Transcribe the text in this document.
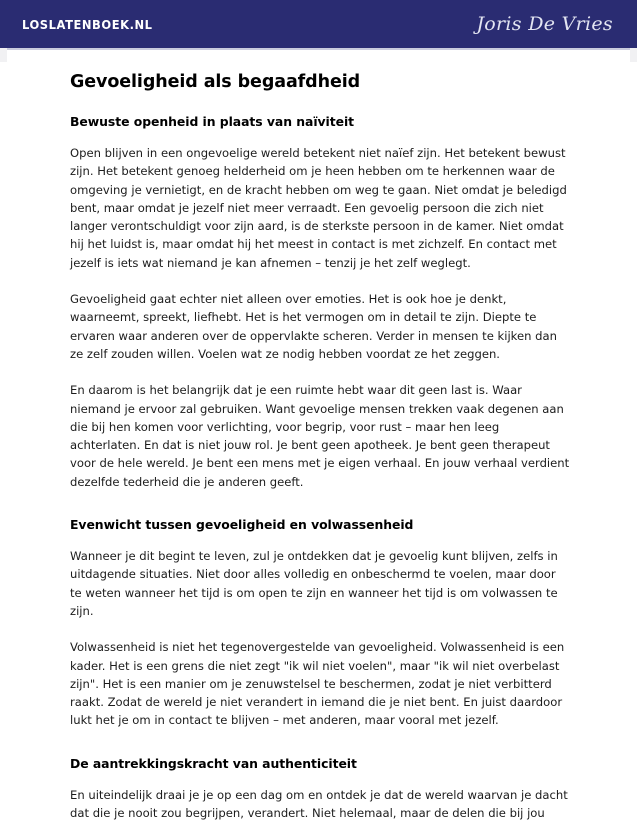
LOSLATENBOEK.NL	Joris De Vries
Gevoeligheid als begaafdheid
Bewuste openheid in plaats van naïviteit

Open blijven in een ongevoelige wereld betekent niet naïef zijn. Het betekent bewust zijn. Het betekent genoeg helderheid om je heen hebben om te herkennen waar de omgeving je vernietigt, en de kracht hebben om weg te gaan. Niet omdat je beledigd bent, maar omdat je jezelf niet meer verraadt. Een gevoelig persoon die zich niet langer verontschuldigt voor zijn aard, is de sterkste persoon in de kamer. Niet omdat hij het luidst is, maar omdat hij het meest in contact is met zichzelf. En contact met jezelf is iets wat niemand je kan afnemen – tenzij je het zelf weglegt.

Gevoeligheid gaat echter niet alleen over emoties. Het is ook hoe je denkt, waarneemt, spreekt, liefhebt. Het is het vermogen om in detail te zijn. Diepte te ervaren waar anderen over de oppervlakte scheren. Verder in mensen te kijken dan ze zelf zouden willen. Voelen wat ze nodig hebben voordat ze het zeggen.

En daarom is het belangrijk dat je een ruimte hebt waar dit geen last is. Waar niemand je ervoor zal gebruiken. Want gevoelige mensen trekken vaak degenen aan die bij hen komen voor verlichting, voor begrip, voor rust – maar hen leeg achterlaten. En dat is niet jouw rol. Je bent geen apotheek. Je bent geen therapeut voor de hele wereld. Je bent een mens met je eigen verhaal. En jouw verhaal verdient dezelfde tederheid die je anderen geeft.

Evenwicht tussen gevoeligheid en volwassenheid

Wanneer je dit begint te leven, zul je ontdekken dat je gevoelig kunt blijven, zelfs in uitdagende situaties. Niet door alles volledig en onbeschermd te voelen, maar door te weten wanneer het tijd is om open te zijn en wanneer het tijd is om volwassen te zijn.

Volwassenheid is niet het tegenovergestelde van gevoeligheid. Volwassenheid is een kader. Het is een grens die niet zegt "ik wil niet voelen", maar "ik wil niet overbelast zijn". Het is een manier om je zenuwstelsel te beschermen, zodat je niet verbitterd raakt. Zodat de wereld je niet verandert in iemand die je niet bent. En juist daardoor lukt het je om in contact te blijven – met anderen, maar vooral met jezelf.

De aantrekkingskracht van authenticiteit

En uiteindelijk draai je je op een dag om en ontdek je dat de wereld waarvan je dacht dat die je nooit zou begrijpen, verandert. Niet helemaal, maar de delen die bij jou
